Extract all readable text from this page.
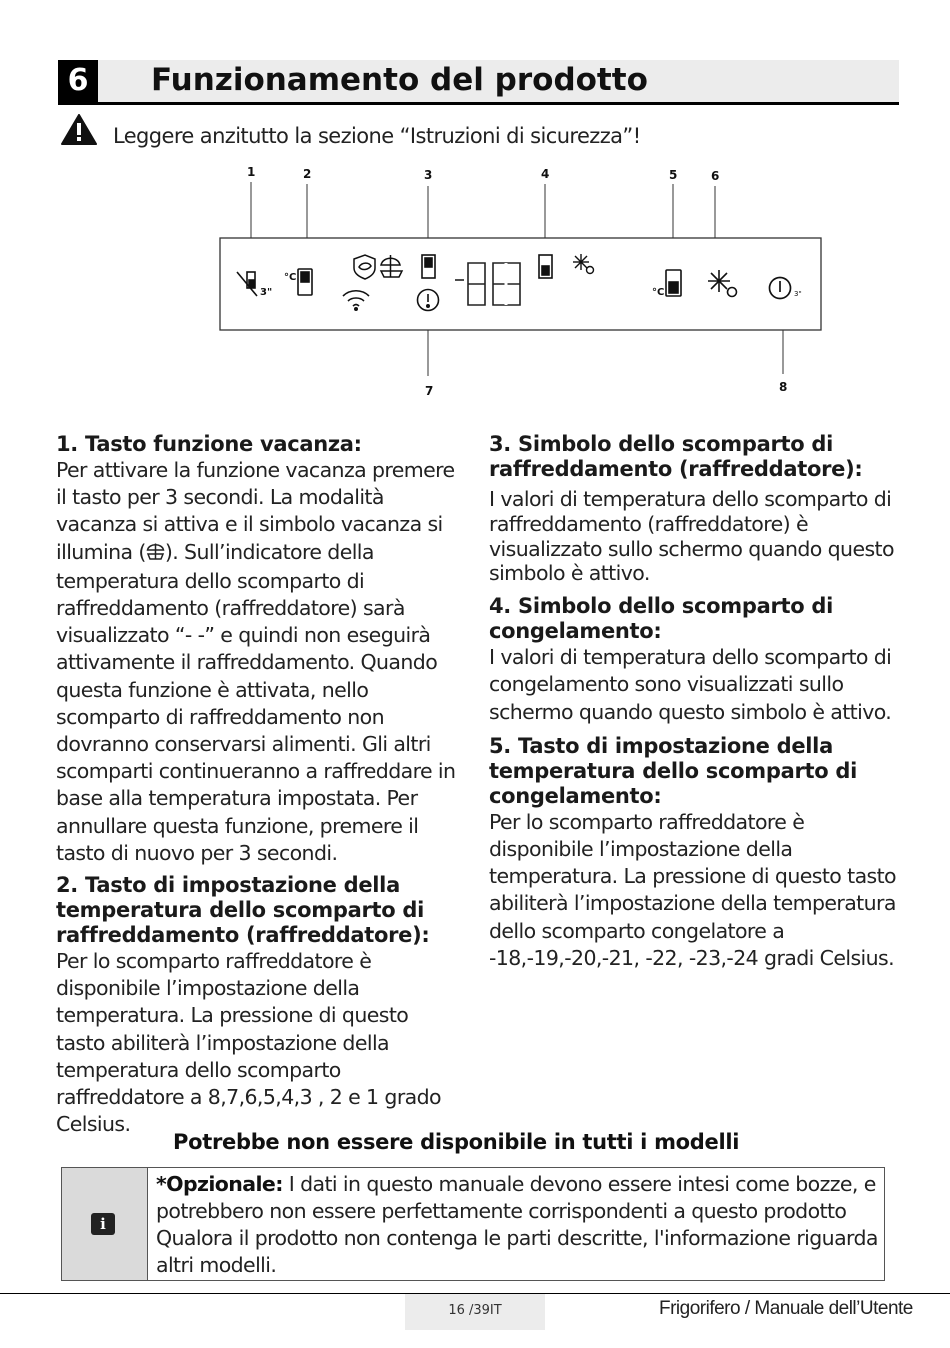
6	Funzionamento del prodotto
Leggere anzitutto la sezione “Istruzioni di sicurezza”!
1	2	3	4	5	6
7	8
3"
°C
°C	3"
1. Tasto funzione vacanza:

Per attivare la funzione vacanza premere il tasto per 3 secondi. La modalità vacanza si attiva e il simbolo vacanza si illumina ( ). Sull’indicatore della temperatura dello scomparto di raffreddamento (raffreddatore) sarà visualizzato “- -” e quindi non eseguirà attivamente il raffreddamento. Quando questa funzione è attivata, nello scomparto di raffreddamento non dovranno conservarsi alimenti. Gli altri scomparti continueranno a raffreddare in base alla temperatura impostata. Per annullare questa funzione, premere il tasto di nuovo per 3 secondi.

2. Tasto di impostazione della temperatura dello scomparto di raffreddamento (raffreddatore):

Per lo scomparto raffreddatore è disponibile l’impostazione della temperatura. La pressione di questo tasto abiliterà l’impostazione della temperatura dello scomparto raffreddatore a 8,7,6,5,4,3 , 2 e 1 grado Celsius.

3. Simbolo dello scomparto di raffreddamento (raffreddatore):

I valori di temperatura dello scomparto di raffreddamento (raffreddatore) è visualizzato sullo schermo quando questo simbolo è attivo.

4. Simbolo dello scomparto di congelamento:

I valori di temperatura dello scomparto di congelamento sono visualizzati sullo schermo quando questo simbolo è attivo.

5. Tasto di impostazione della temperatura dello scomparto di congelamento:

Per lo scomparto raffreddatore è disponibile l’impostazione della temperatura. La pressione di questo tasto abiliterà l’impostazione della temperatura dello scomparto congelatore a -18,-19,-20,-21, -22, -23,-24 gradi Celsius.

Potrebbe non essere disponibile in tutti i modelli
i
*Opzionale: I dati in questo manuale devono essere intesi come bozze, e potrebbero non essere perfettamente corrispondenti a questo prodotto Qualora il prodotto non contenga le parti descritte, l'informazione riguarda altri modelli.
16 /39IT	Frigorifero / Manuale dell’Utente
